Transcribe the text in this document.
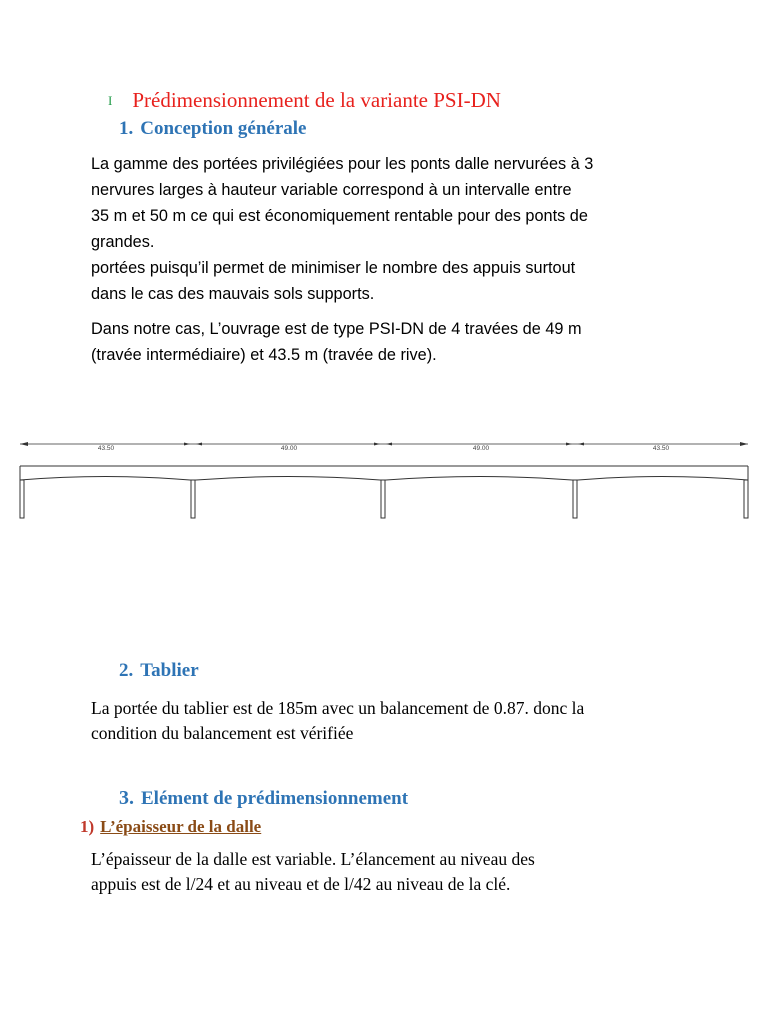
I Prédimensionnement de la variante PSI-DN
1. Conception générale
La gamme des portées privilégiées pour les ponts dalle nervurées à 3
nervures larges à hauteur variable correspond à un intervalle entre
35 m et 50 m ce qui est économiquement rentable pour des ponts de
grandes.
portées puisqu’il permet de minimiser le nombre des appuis surtout
dans le cas des mauvais sols supports.
Dans notre cas, L’ouvrage est de type PSI-DN de 4 travées de 49 m
(travée intermédiaire) et 43.5 m (travée de rive).
43.50	49.00	49.00	43.50
2. Tablier
La portée du tablier est de 185m avec un balancement de 0.87. donc la
condition du balancement est vérifiée
3. Elément de prédimensionnement
1) L’épaisseur de la dalle
L’épaisseur de la dalle est variable. L’élancement au niveau des
appuis est de l/24 et au niveau et de l/42 au niveau de la clé.
